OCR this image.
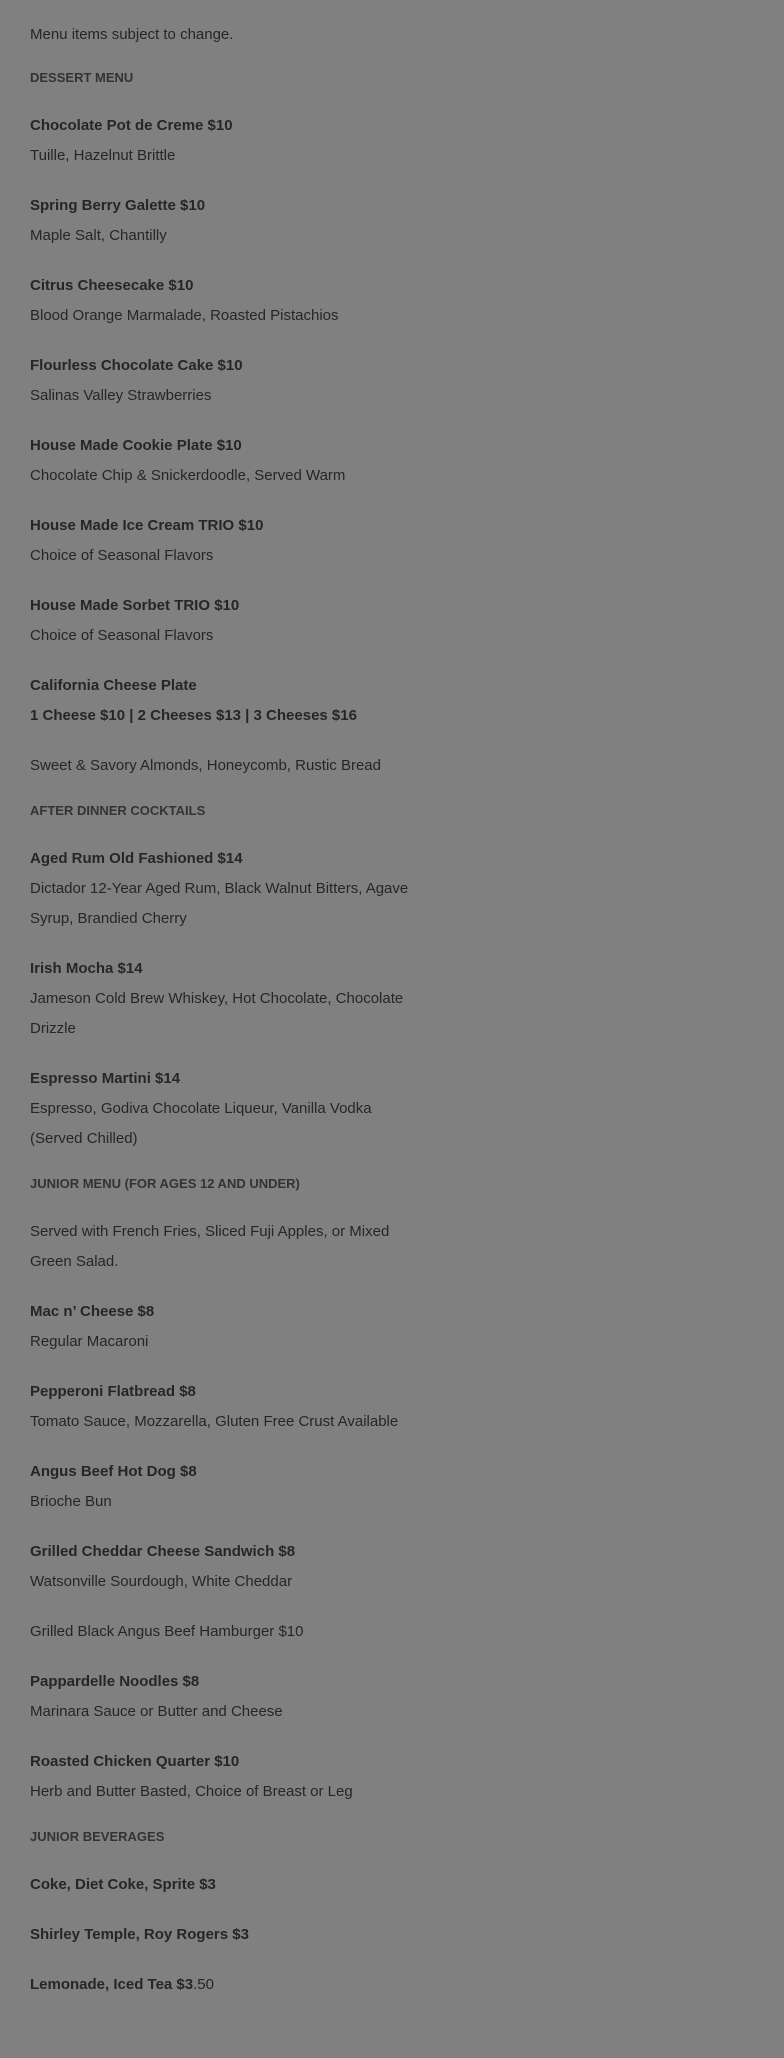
Menu items subject to change.

DESSERT MENU

Chocolate Pot de Creme $10

Tuille, Hazelnut Brittle

Spring Berry Galette $10

Maple Salt, Chantilly

Citrus Cheesecake $10

Blood Orange Marmalade, Roasted Pistachios

Flourless Chocolate Cake $10

Salinas Valley Strawberries

House Made Cookie Plate $10

Chocolate Chip & Snickerdoodle, Served Warm

House Made Ice Cream TRIO $10

Choice of Seasonal Flavors

House Made Sorbet TRIO $10

Choice of Seasonal Flavors

California Cheese Plate

1 Cheese $10 | 2 Cheeses $13 | 3 Cheeses $16

Sweet & Savory Almonds, Honeycomb, Rustic Bread

AFTER DINNER COCKTAILS

Aged Rum Old Fashioned $14

Dictador 12-Year Aged Rum, Black Walnut Bitters, Agave

Syrup, Brandied Cherry

Irish Mocha $14

Jameson Cold Brew Whiskey, Hot Chocolate, Chocolate

Drizzle

Espresso Martini $14

Espresso, Godiva Chocolate Liqueur, Vanilla Vodka

(Served Chilled)

JUNIOR MENU (FOR AGES 12 AND UNDER)

Served with French Fries, Sliced Fuji Apples, or Mixed

Green Salad.

Mac n’ Cheese $8

Regular Macaroni

Pepperoni Flatbread $8

Tomato Sauce, Mozzarella, Gluten Free Crust Available

Angus Beef Hot Dog $8

Brioche Bun

Grilled Cheddar Cheese Sandwich $8

Watsonville Sourdough, White Cheddar

Grilled Black Angus Beef Hamburger $10

Pappardelle Noodles $8

Marinara Sauce or Butter and Cheese

Roasted Chicken Quarter $10

Herb and Butter Basted, Choice of Breast or Leg

JUNIOR BEVERAGES

Coke, Diet Coke, Sprite $3

Shirley Temple, Roy Rogers $3

Lemonade, Iced Tea $3.50
